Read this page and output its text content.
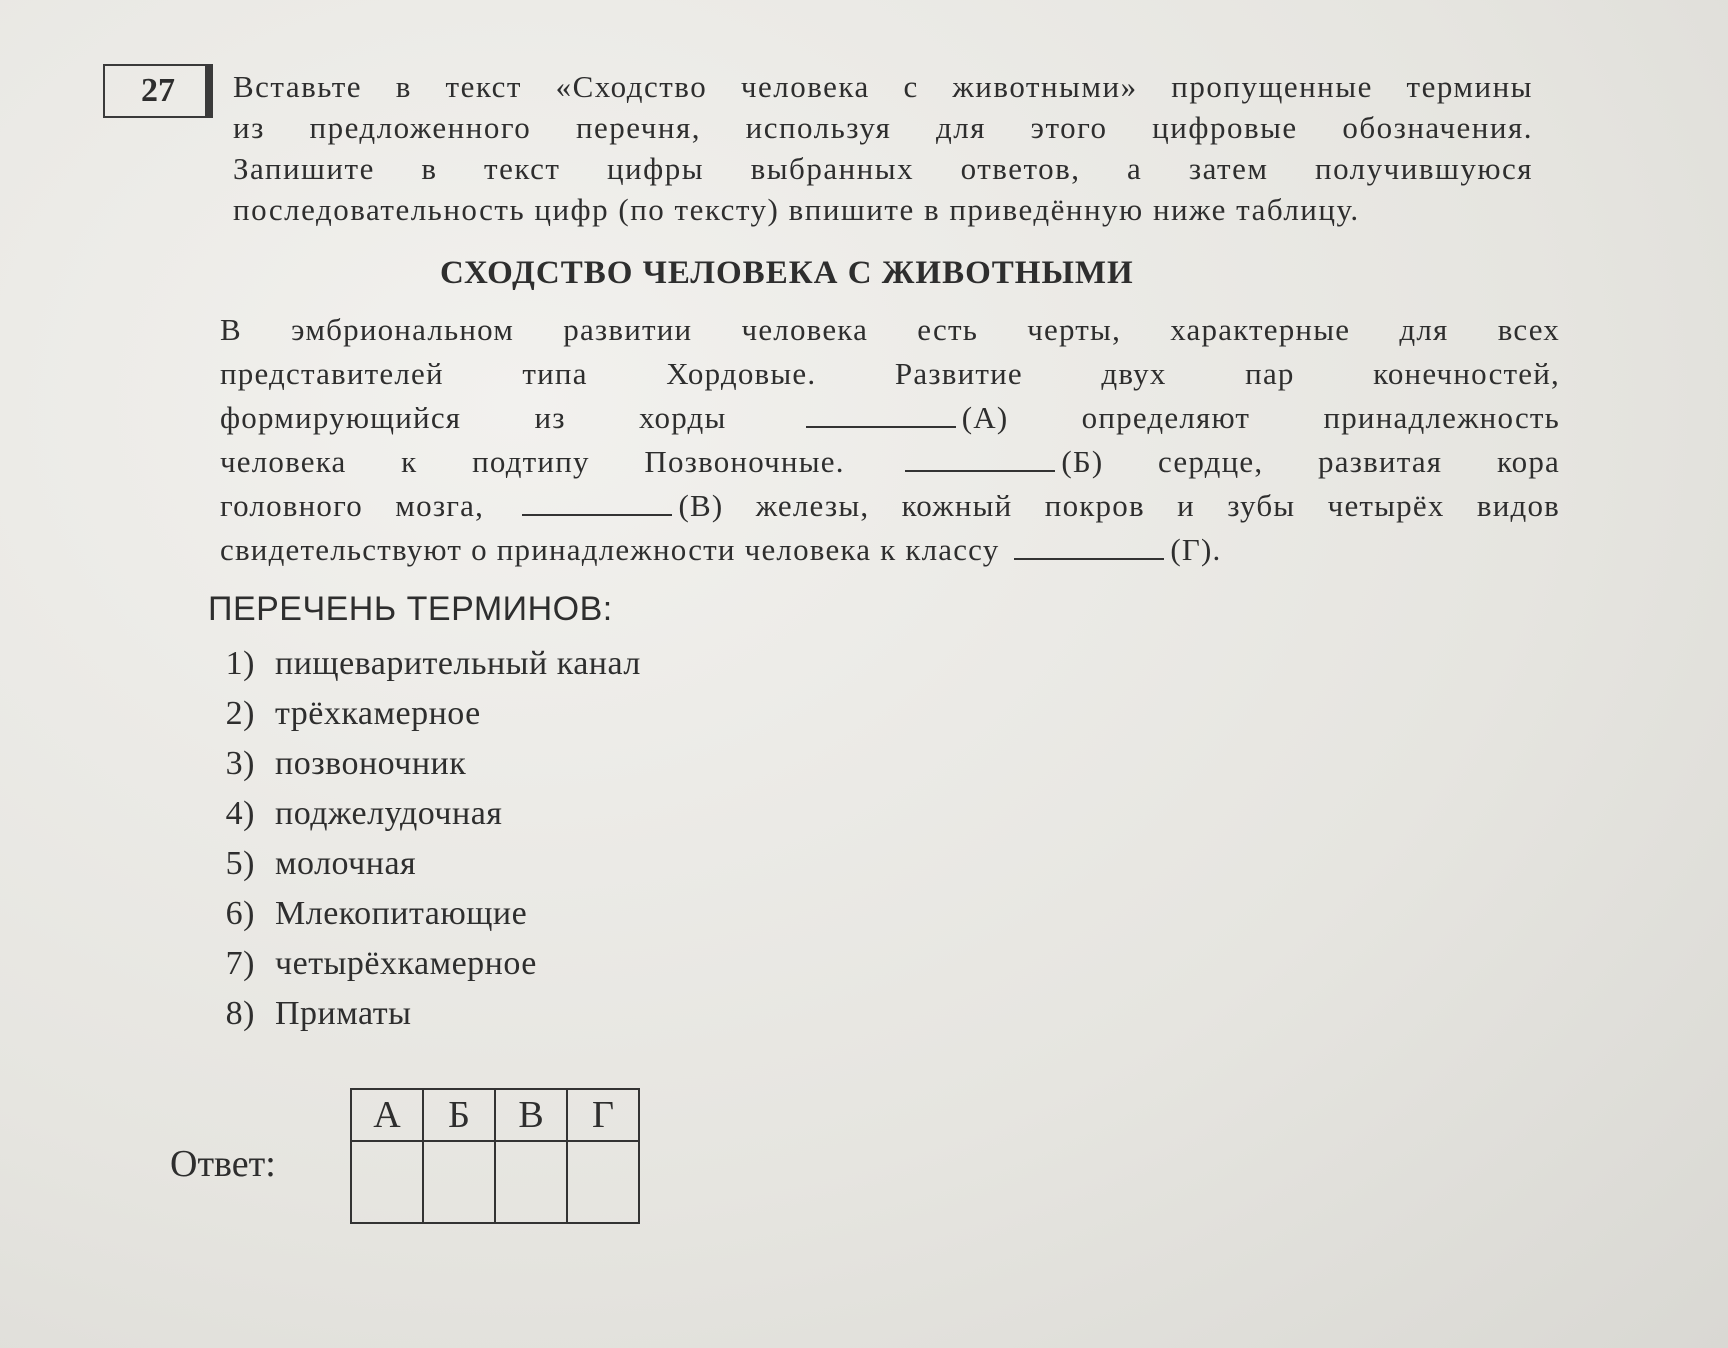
27 Вставьте в текст «Сходство человека с животными» пропущенные термины
из предложенного перечня, используя для этого цифровые обозначения.
Запишите в текст цифры выбранных ответов, а затем получившуюся
последовательность цифр (по тексту) впишите в приведённую ниже таблицу.
СХОДСТВО ЧЕЛОВЕКА С ЖИВОТНЫМИ
В эмбриональном развитии человека есть черты, характерные для всех
представителей типа Хордовые. Развитие двух пар конечностей,
формирующийся из хорды	(А) определяют принадлежность
человека к подтипу Позвоночные.	(Б) сердце, развитая кора
головного мозга,	(В) железы, кожный покров и зубы четырёх видов
свидетельствуют о принадлежности человека к классу	(Г).
ПЕРЕЧЕНЬ ТЕРМИНОВ:
1) пищеварительный канал
2) трёхкамерное
3) позвоночник
4) поджелудочная
5) молочная
6) Млекопитающие
7) четырёхкамерное
8) Приматы
Ответ:
А	Б	В	Г
